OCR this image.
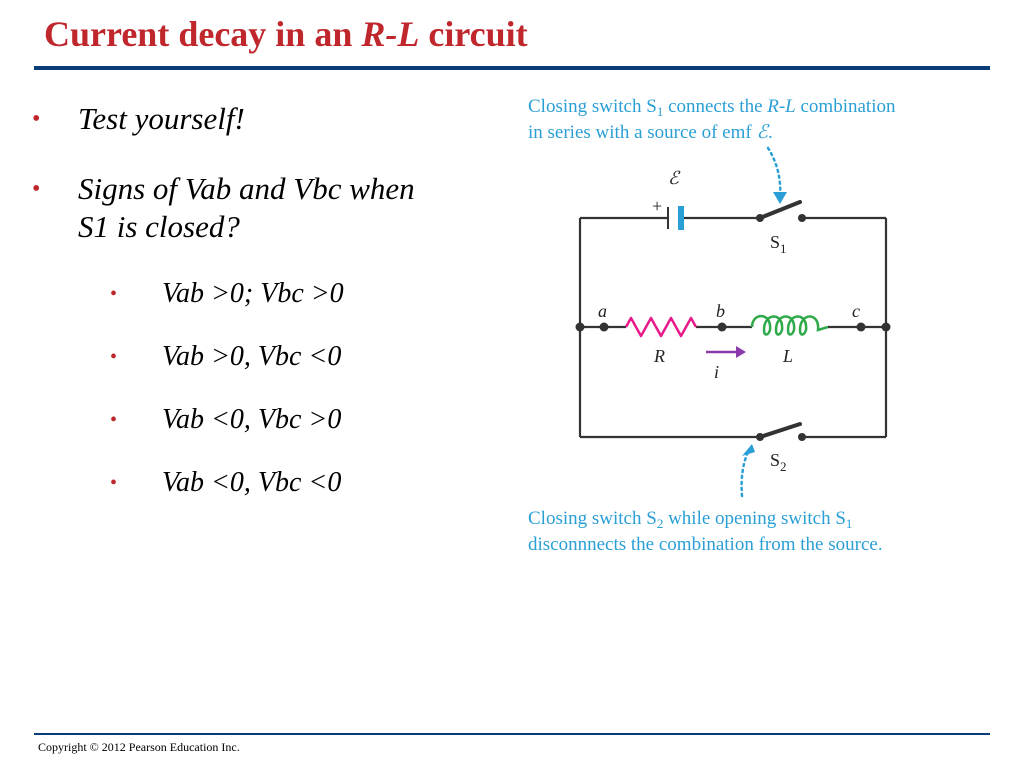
Current decay in an R-L circuit
• Test yourself!
• Signs of Vab and Vbc when
S1 is closed?
• Vab >0; Vbc >0
• Vab >0, Vbc <0
• Vab <0, Vbc >0
• Vab <0, Vbc <0
Closing switch $S_1$ connects the R-L combination
in series with a source of emf ℰ.
+
ℰ
$S_1$
a	b	c
R	L
i
$S_2$
Closing switch $S_2$ while opening switch $S_1$
disconnnects the combination from the source.
Copyright © 2012 Pearson Education Inc.
